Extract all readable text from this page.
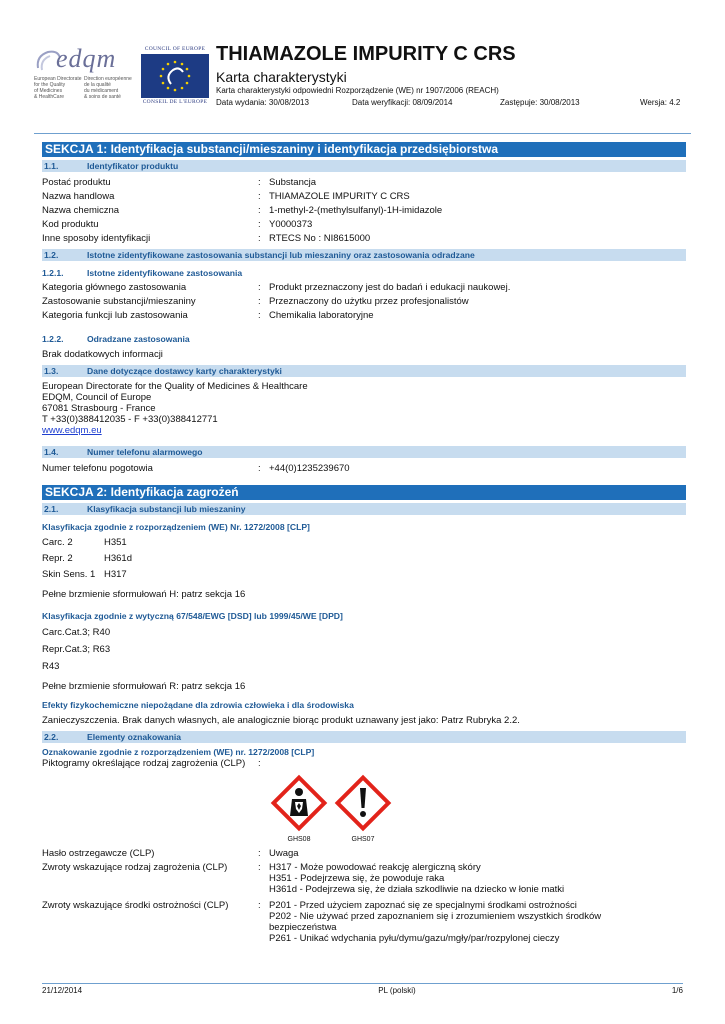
edqm
European Directorate
for the Quality
of Medicines
& HealthCare
Direction européenne
de la qualité
du médicament
& soins de santé
COUNCIL OF EUROPE
CONSEIL DE L'EUROPE
THIAMAZOLE IMPURITY C CRS
Karta charakterystyki
Karta charakterystyki odpowiedni Rozporządzenie (WE) nr 1907/2006 (REACH)
Data wydania: 30/08/2013	Data weryfikacji: 08/09/2014	Zastępuje: 30/08/2013	Wersja: 4.2
SEKCJA 1: Identyfikacja substancji/mieszaniny i identyfikacja przedsiębiorstwa
1.1.	Identyfikator produktu
Postać produktu	: Substancja
Nazwa handlowa	: THIAMAZOLE IMPURITY C CRS
Nazwa chemiczna	: 1-methyl-2-(methylsulfanyl)-1H-imidazole
Kod produktu	: Y0000373
Inne sposoby identyfikacji	: RTECS No : NI8615000
1.2.	Istotne zidentyfikowane zastosowania substancji lub mieszaniny oraz zastosowania odradzane
1.2.1.	Istotne zidentyfikowane zastosowania
Kategoria głównego zastosowania	: Produkt przeznaczony jest do badań i edukacji naukowej.
Zastosowanie substancji/mieszaniny	: Przeznaczony do użytku przez profesjonalistów
Kategoria funkcji lub zastosowania	: Chemikalia laboratoryjne
1.2.2.	Odradzane zastosowania
Brak dodatkowych informacji
1.3.	Dane dotyczące dostawcy karty charakterystyki
European Directorate for the Quality of Medicines & Healthcare
EDQM, Council of Europe
67081 Strasbourg - France
T +33(0)388412035 - F +33(0)388412771
www.edqm.eu
1.4.	Numer telefonu alarmowego
Numer telefonu pogotowia	: +44(0)1235239670
SEKCJA 2: Identyfikacja zagrożeń
2.1.	Klasyfikacja substancji lub mieszaniny
Klasyfikacja zgodnie z rozporządzeniem (WE) Nr. 1272/2008 [CLP]
Carc. 2	H351
Repr. 2	H361d
Skin Sens. 1 H317
Pełne brzmienie sformułowań H: patrz sekcja 16
Klasyfikacja zgodnie z wytyczną 67/548/EWG [DSD] lub 1999/45/WE [DPD]
Carc.Cat.3; R40
Repr.Cat.3; R63
R43
Pełne brzmienie sformułowań R: patrz sekcja 16
Efekty fizykochemiczne niepożądane dla zdrowia człowieka i dla środowiska
Zanieczyszczenia. Brak danych własnych, ale analogicznie biorąc produkt uznawany jest jako: Patrz Rubryka 2.2.
2.2.	Elementy oznakowania
Oznakowanie zgodnie z rozporządzeniem (WE) nr. 1272/2008 [CLP]
Piktogramy określające rodzaj zagrożenia (CLP)	:
GHS08	GHS07
Hasło ostrzegawcze (CLP)	: Uwaga
Zwroty wskazujące rodzaj zagrożenia (CLP)	: H317 - Może powodować reakcję alergiczną skóry
H351 - Podejrzewa się, że powoduje raka
H361d - Podejrzewa się, że działa szkodliwie na dziecko w łonie matki
Zwroty wskazujące środki ostrożności (CLP)	: P201 - Przed użyciem zapoznać się ze specjalnymi środkami ostrożności
P202 - Nie używać przed zapoznaniem się i zrozumieniem wszystkich środków
bezpieczeństwa
P261 - Unikać wdychania pyłu/dymu/gazu/mgły/par/rozpylonej cieczy
21/12/2014	PL (polski)	1/6
